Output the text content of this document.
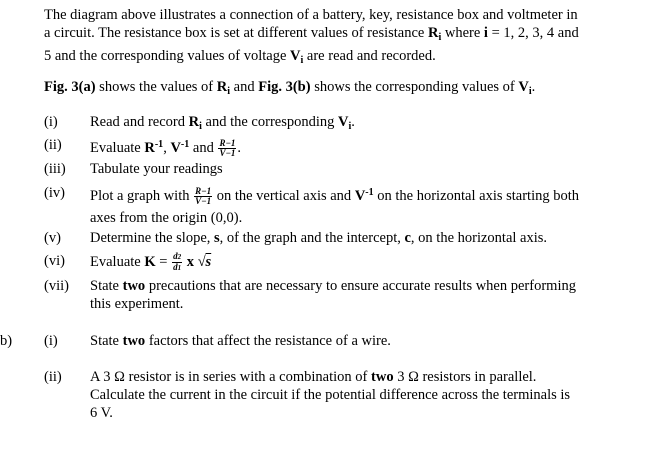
The diagram above illustrates a connection of a battery, key, resistance box and voltmeter in
a circuit. The resistance box is set at different values of resistance $R_i$ where i = 1, 2, 3, 4 and
5 and the corresponding values of voltage $V_i$ are read and recorded.
Fig. 3(a) shows the values of $R_i$ and Fig. 3(b) shows the corresponding values of $V_i$.
(i)	Read and record $R_i$ and the corresponding $V_i$.
(ii)	Evaluate $R^{-1}$, $V^{-1}$ and $\frac{R-1}{V-1}$ .
(iii)	Tabulate your readings
(iv)	Plot a graph with $\frac{R-1}{V-1}$ on the vertical axis and $V^{-1}$ on the horizontal axis starting both
axes from the origin (0,0).
(v)	Determine the slope, s, of the graph and the intercept, c, on the horizontal axis.
(vi)	Evaluate $K = \frac{d2}{d1}$ x √s
(vii)	State two precautions that are necessary to ensure accurate results when performing
this experiment.
b)	(i)	State two factors that affect the resistance of a wire.
(ii)	A 3 Ω resistor is in series with a combination of two 3 Ω resistors in parallel.
Calculate the current in the circuit if the potential difference across the terminals is
6 V.
